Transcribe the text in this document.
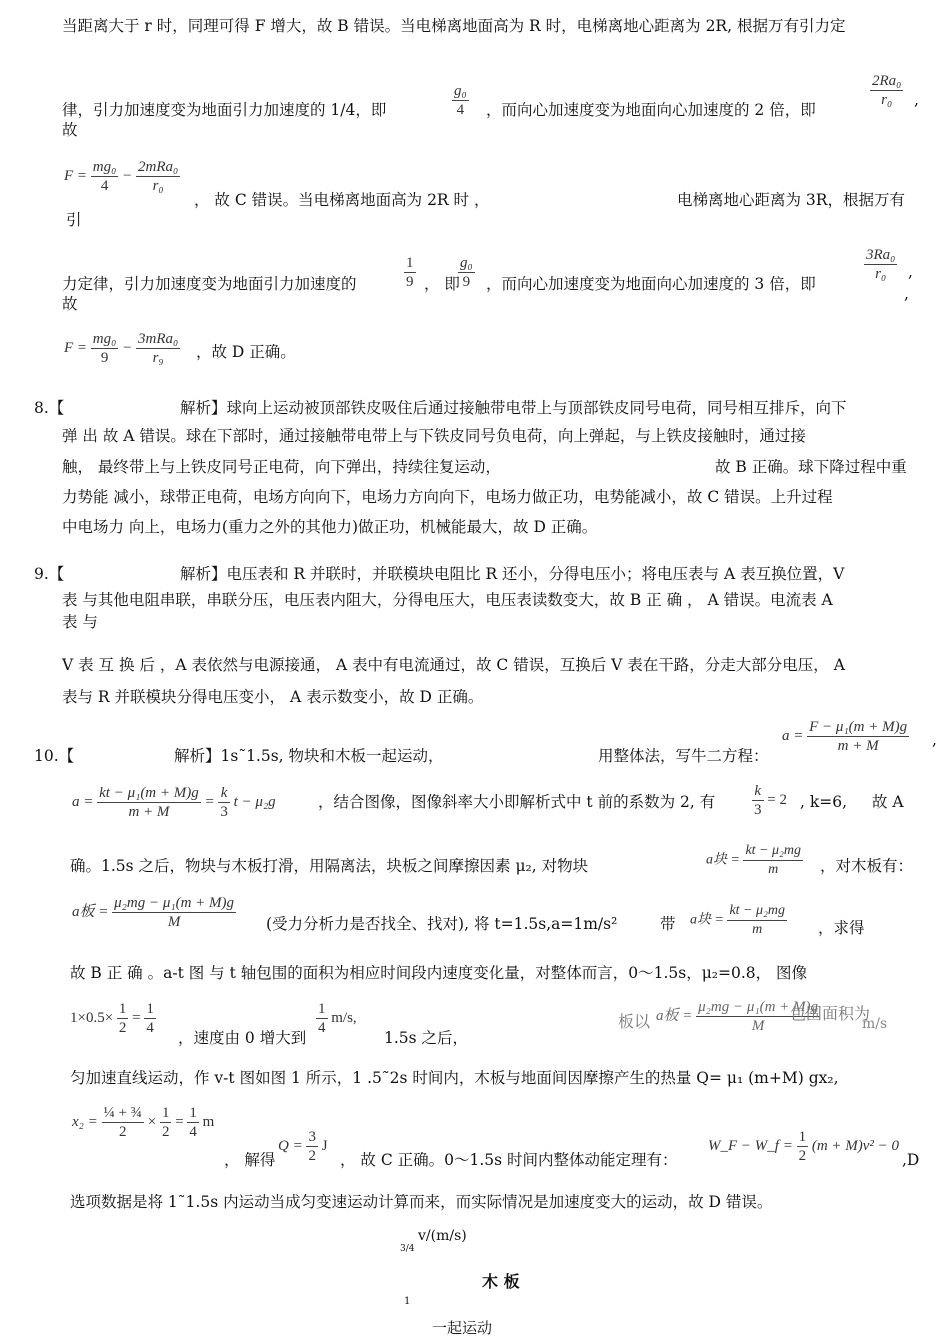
当距离大于 r 时，同理可得 F 增大，故 B 错误。当电梯离地面高为 R 时，电梯离地心距离为 2R, 根据万有引力定
律，引力加速度变为地面引力加速度的 1/4，即	$\frac{\text{g₀}}{4}$ ，而向心加速度变为地面向心加速度的 2 倍，即
$\frac{\text{2Ra₀}}{\text{r₀}}$ ,
故
$F = \frac{\text{mg₀}}{4} - \frac{\text{2mRa₀}}{\text{r₀}}$
， 故 C 错误。当电梯离地面高为 2R 时 ，	电梯离地心距离为 3R，根据万有
引
力定律，引力加速度变为地面引力加速度的	$\frac{1}{9}$ ， 即
$\frac{\text{g₀}}{9}$ ，而向心加速度变为地面向心加速度的 3 倍，即
$\frac{\text{3Ra₀}}{\text{r₀}}$ ,
,
故
$F = \frac{\text{mg₀}}{9} - \frac{\text{3mRa₀}}{\text{r₉}}$ ，故 D 正确。
8.【	解析】球向上运动被顶部铁皮吸住后通过接触带电带上与顶部铁皮同号电荷，同号相互排斥，向下
弹 出 故 A 错误。球在下部时，通过接触带电带上与下铁皮同号负电荷，向上弹起，与上铁皮接触时，通过接
触， 最终带上与上铁皮同号正电荷，向下弹出，持续往复运动，	故 B 正确。球下降过程中重
力势能 减小，球带正电荷，电场方向向下，电场力方向向下，电场力做正功，电势能减小，故 C 错误。上升过程
中电场力 向上，电场力(重力之外的其他力)做正功，机械能最大，故 D 正确。
9.【	解析】电压表和 R 并联时，并联模块电阻比 R 还小，分得电压小；将电压表与 A 表互换位置，V
表 与其他电阻串联，串联分压，电压表内阻大，分得电压大，电压表读数变大，故 B 正 确 ， A 错误。电流表 A
表 与
V 表 互 换 后 ，A 表依然与电源接通， A 表中有电流通过，故 C 错误，互换后 V 表在干路，分走大部分电压， A
表与 R 并联模块分得电压变小， A 表示数变小，故 D 正确。
10.【	解析】1s˜1.5s, 物块和木板一起运动，	用整体法，写牛二方程：
$a = \frac{\text{F − μ₁(m + M)g}}{m + M}$ ,
$a = \frac{\text{kt − μ₁(m + M)g}}{m + M} = \frac{k}{3}$ t − μ₂g	，结合图像，图像斜率大小即解析式中 t 前的系数为 2, 有 $\frac{k}{3} = 2$ , k=6, 故 A
确。1.5s 之后，物块与木板打滑，用隔离法，块板之间摩擦因素 μ₂, 对物块	a块 = $\frac{\text{kt − μ₂mg}}{m}$ ，对木板有：
a板 = $\frac{\text{μ₂mg − μ₁(m + M)g}}{M}$ (受力分析力是否找全、找对), 将 t=1.5s,a=1m/s²	带 a块 = $\frac{\text{kt − μ₂mg}}{m}$ ，求得
故 B 正 确 。a-t 图 与 t 轴包围的面积为相应时间段内速度变化量，对整体而言，0～1.5s，μ₂=0.8， 图像
$1\times 0.5\times \frac{1}{2} = \frac{1}{4}$
，速度由 0 增大到
$\frac{1}{4} m/s$,
1.5s 之后，
板以 a板 = $\frac{\text{μ₂mg − μ₁(m + M)g}}{M}$
包围面积为
m/s
匀加速直线运动，作 v-t 图如图 1 所示，1 .5˜2s 时间内，木板与地面间因摩擦产生的热量 Q= μ₁ (m+M) gx₂,
$x_2 = \frac{\text{¼ + ¾}}{2} \times \frac{1}{2} = \frac{1}{4}$ m
， 解得
$Q = \frac{3}{2}$ J
， 故 C 正确。0～1.5s 时间内整体动能定理有：
W_F − W_f = $\frac{1}{2} (m + M)v^2 - 0$
,D
选项数据是将 1˜1.5s 内运动当成匀变速运动计算而来，而实际情况是加速度变大的运动，故 D 错误。
v/(m/s)
3/4
木 板
1
一起运动
